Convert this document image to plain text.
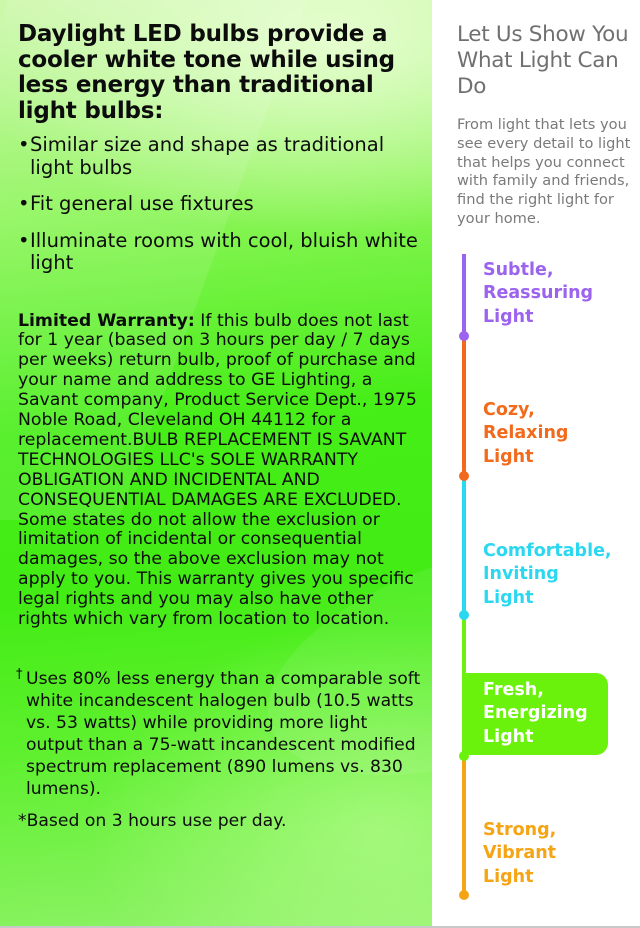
Daylight LED bulbs provide a cooler white tone while using less energy than traditional light bulbs:
• Similar size and shape as traditional light bulbs
• Fit general use fixtures
• Illuminate rooms with cool, bluish white light
Limited Warranty: If this bulb does not last for 1 year (based on 3 hours per day / 7 days per weeks) return bulb, proof of purchase and your name and address to GE Lighting, a Savant company, Product Service Dept., 1975 Noble Road, Cleveland OH 44112 for a replacement.BULB REPLACEMENT IS SAVANT TECHNOLOGIES LLC's SOLE WARRANTY OBLIGATION AND INCIDENTAL AND CONSEQUENTIAL DAMAGES ARE EXCLUDED. Some states do not allow the exclusion or limitation of incidental or consequential damages, so the above exclusion may not apply to you. This warranty gives you specific legal rights and you may also have other rights which vary from location to location.
† Uses 80% less energy than a comparable soft white incandescent halogen bulb (10.5 watts vs. 53 watts) while providing more light output than a 75-watt incandescent modified spectrum replacement (890 lumens vs. 830 lumens).
*Based on 3 hours use per day.
Let Us Show You What Light Can Do
From light that lets you see every detail to light that helps you connect with family and friends, find the right light for your home.
Subtle,
Reassuring
Light
Cozy,
Relaxing
Light
Comfortable,
Inviting
Light
Fresh,
Energizing
Light
Strong,
Vibrant
Light
